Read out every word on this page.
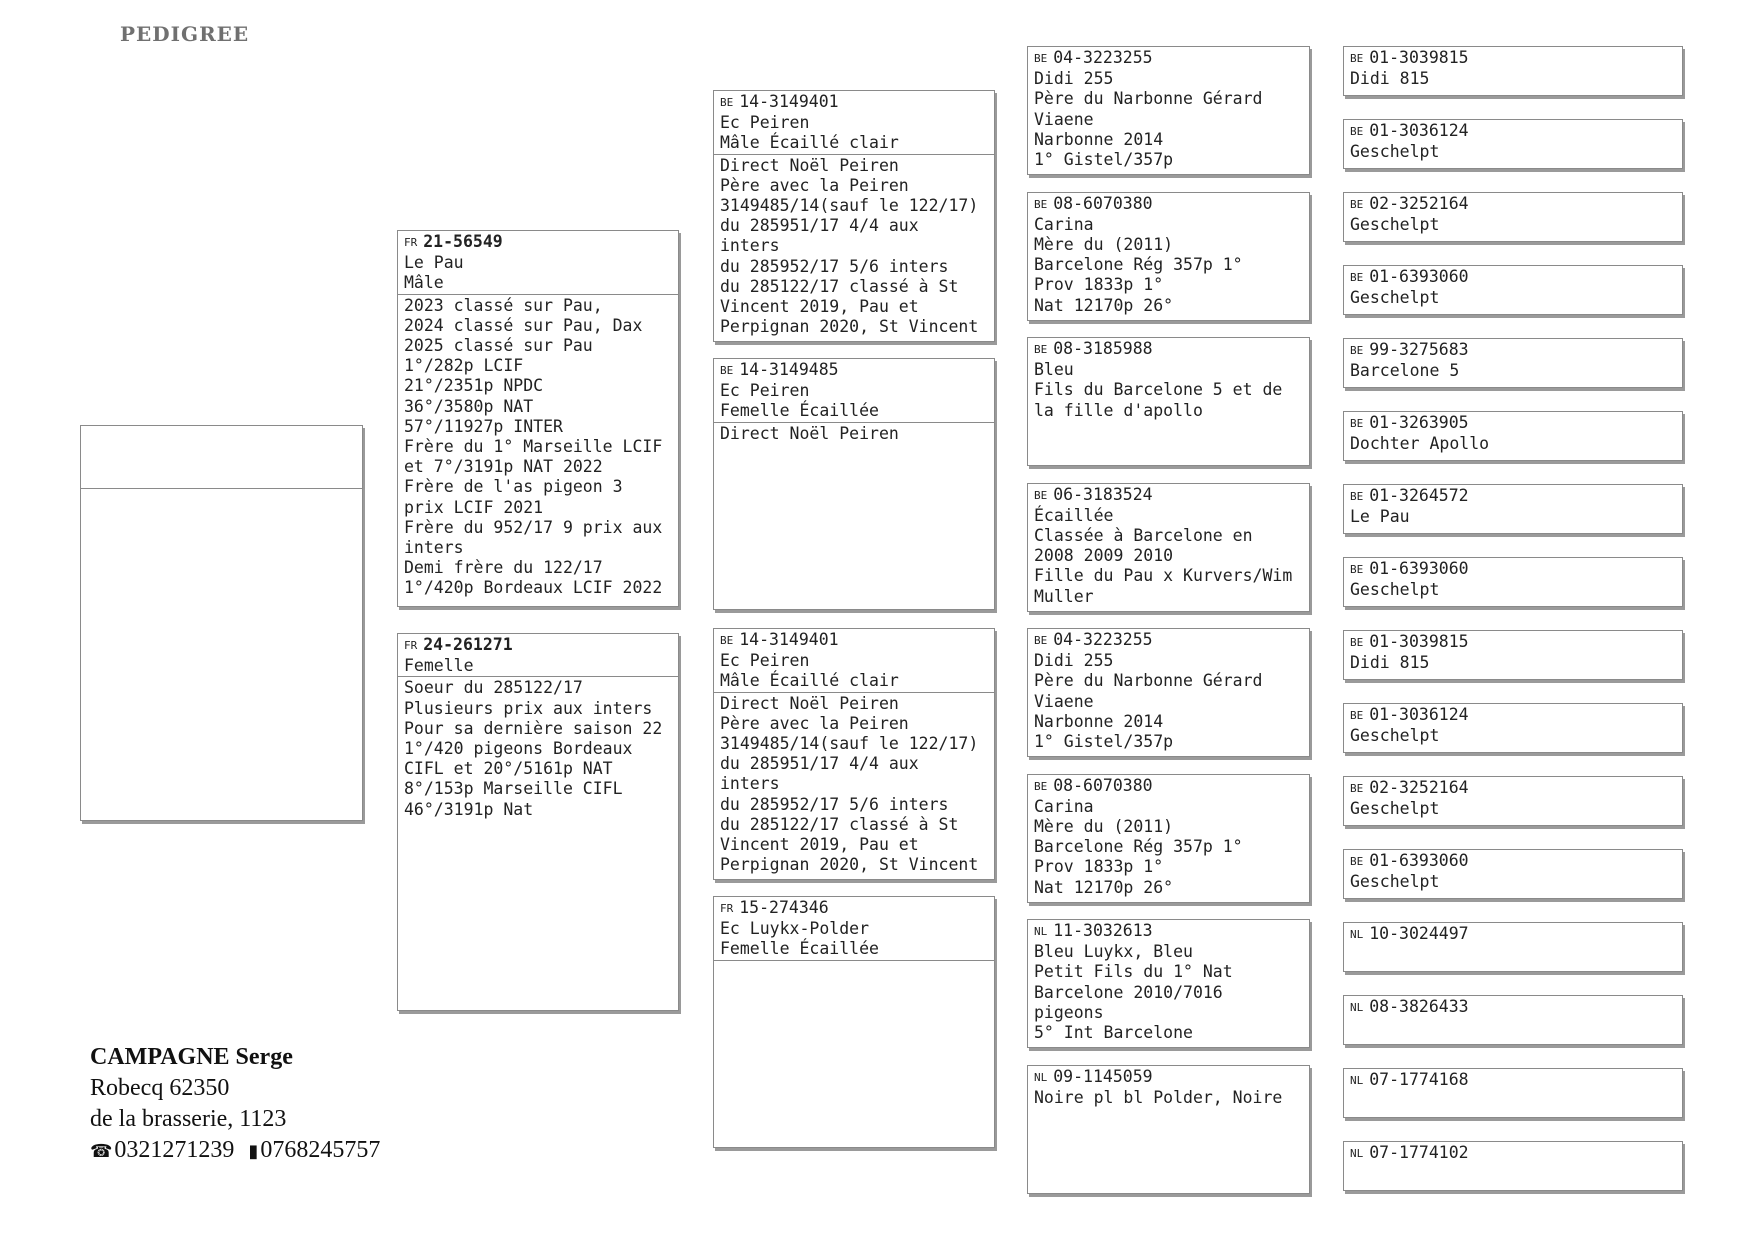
PEDIGREE
FR 21-56549
Le Pau
Mâle
2023 classé sur Pau,
2024 classé sur Pau, Dax
2025 classé sur Pau
1°/282p LCIF
21°/2351p NPDC
36°/3580p NAT
57°/11927p INTER
Frère du 1° Marseille LCIF
et 7°/3191p NAT 2022
Frère de l'as pigeon 3
prix LCIF 2021
Frère du 952/17 9 prix aux
inters
Demi frère du 122/17
1°/420p Bordeaux LCIF 2022
FR 24-261271
Femelle
Soeur du 285122/17
Plusieurs prix aux inters
Pour sa dernière saison 22
1°/420 pigeons Bordeaux
CIFL et 20°/5161p NAT
8°/153p Marseille CIFL
46°/3191p Nat
BE 14-3149401
Ec Peiren
Mâle Écaillé clair
Direct Noël Peiren
Père avec la Peiren
3149485/14(sauf le 122/17)
du 285951/17 4/4 aux
inters
du 285952/17 5/6 inters
du 285122/17 classé à St
Vincent 2019, Pau et
Perpignan 2020, St Vincent
BE 14-3149485
Ec Peiren
Femelle Écaillée
Direct Noël Peiren
BE 14-3149401
Ec Peiren
Mâle Écaillé clair
Direct Noël Peiren
Père avec la Peiren
3149485/14(sauf le 122/17)
du 285951/17 4/4 aux
inters
du 285952/17 5/6 inters
du 285122/17 classé à St
Vincent 2019, Pau et
Perpignan 2020, St Vincent
FR 15-274346
Ec Luykx-Polder
Femelle Écaillée
BE 04-3223255
Didi 255
Père du Narbonne Gérard
Viaene
Narbonne 2014
1° Gistel/357p
BE 08-6070380
Carina
Mère du (2011)
Barcelone Rég 357p 1°
Prov 1833p 1°
Nat 12170p 26°
BE 08-3185988
Bleu
Fils du Barcelone 5 et de
la fille d'apollo
BE 06-3183524
Écaillée
Classée à Barcelone en
2008 2009 2010
Fille du Pau x Kurvers/Wim
Muller
BE 04-3223255
Didi 255
Père du Narbonne Gérard
Viaene
Narbonne 2014
1° Gistel/357p
BE 08-6070380
Carina
Mère du (2011)
Barcelone Rég 357p 1°
Prov 1833p 1°
Nat 12170p 26°
NL 11-3032613
Bleu Luykx, Bleu
Petit Fils du 1° Nat
Barcelone 2010/7016
pigeons
5° Int Barcelone
NL 09-1145059
Noire pl bl Polder, Noire
BE 01-3039815
Didi 815
BE 01-3036124
Geschelpt
BE 02-3252164
Geschelpt
BE 01-6393060
Geschelpt
BE 99-3275683
Barcelone 5
BE 01-3263905
Dochter Apollo
BE 01-3264572
Le Pau
BE 01-6393060
Geschelpt
BE 01-3039815
Didi 815
BE 01-3036124
Geschelpt
BE 02-3252164
Geschelpt
BE 01-6393060
Geschelpt
NL 10-3024497
NL 08-3826433
NL 07-1774168
NL 07-1774102
CAMPAGNE Serge
Robecq 62350
de la brasserie, 1123
☎0321271239 ▮0768245757
